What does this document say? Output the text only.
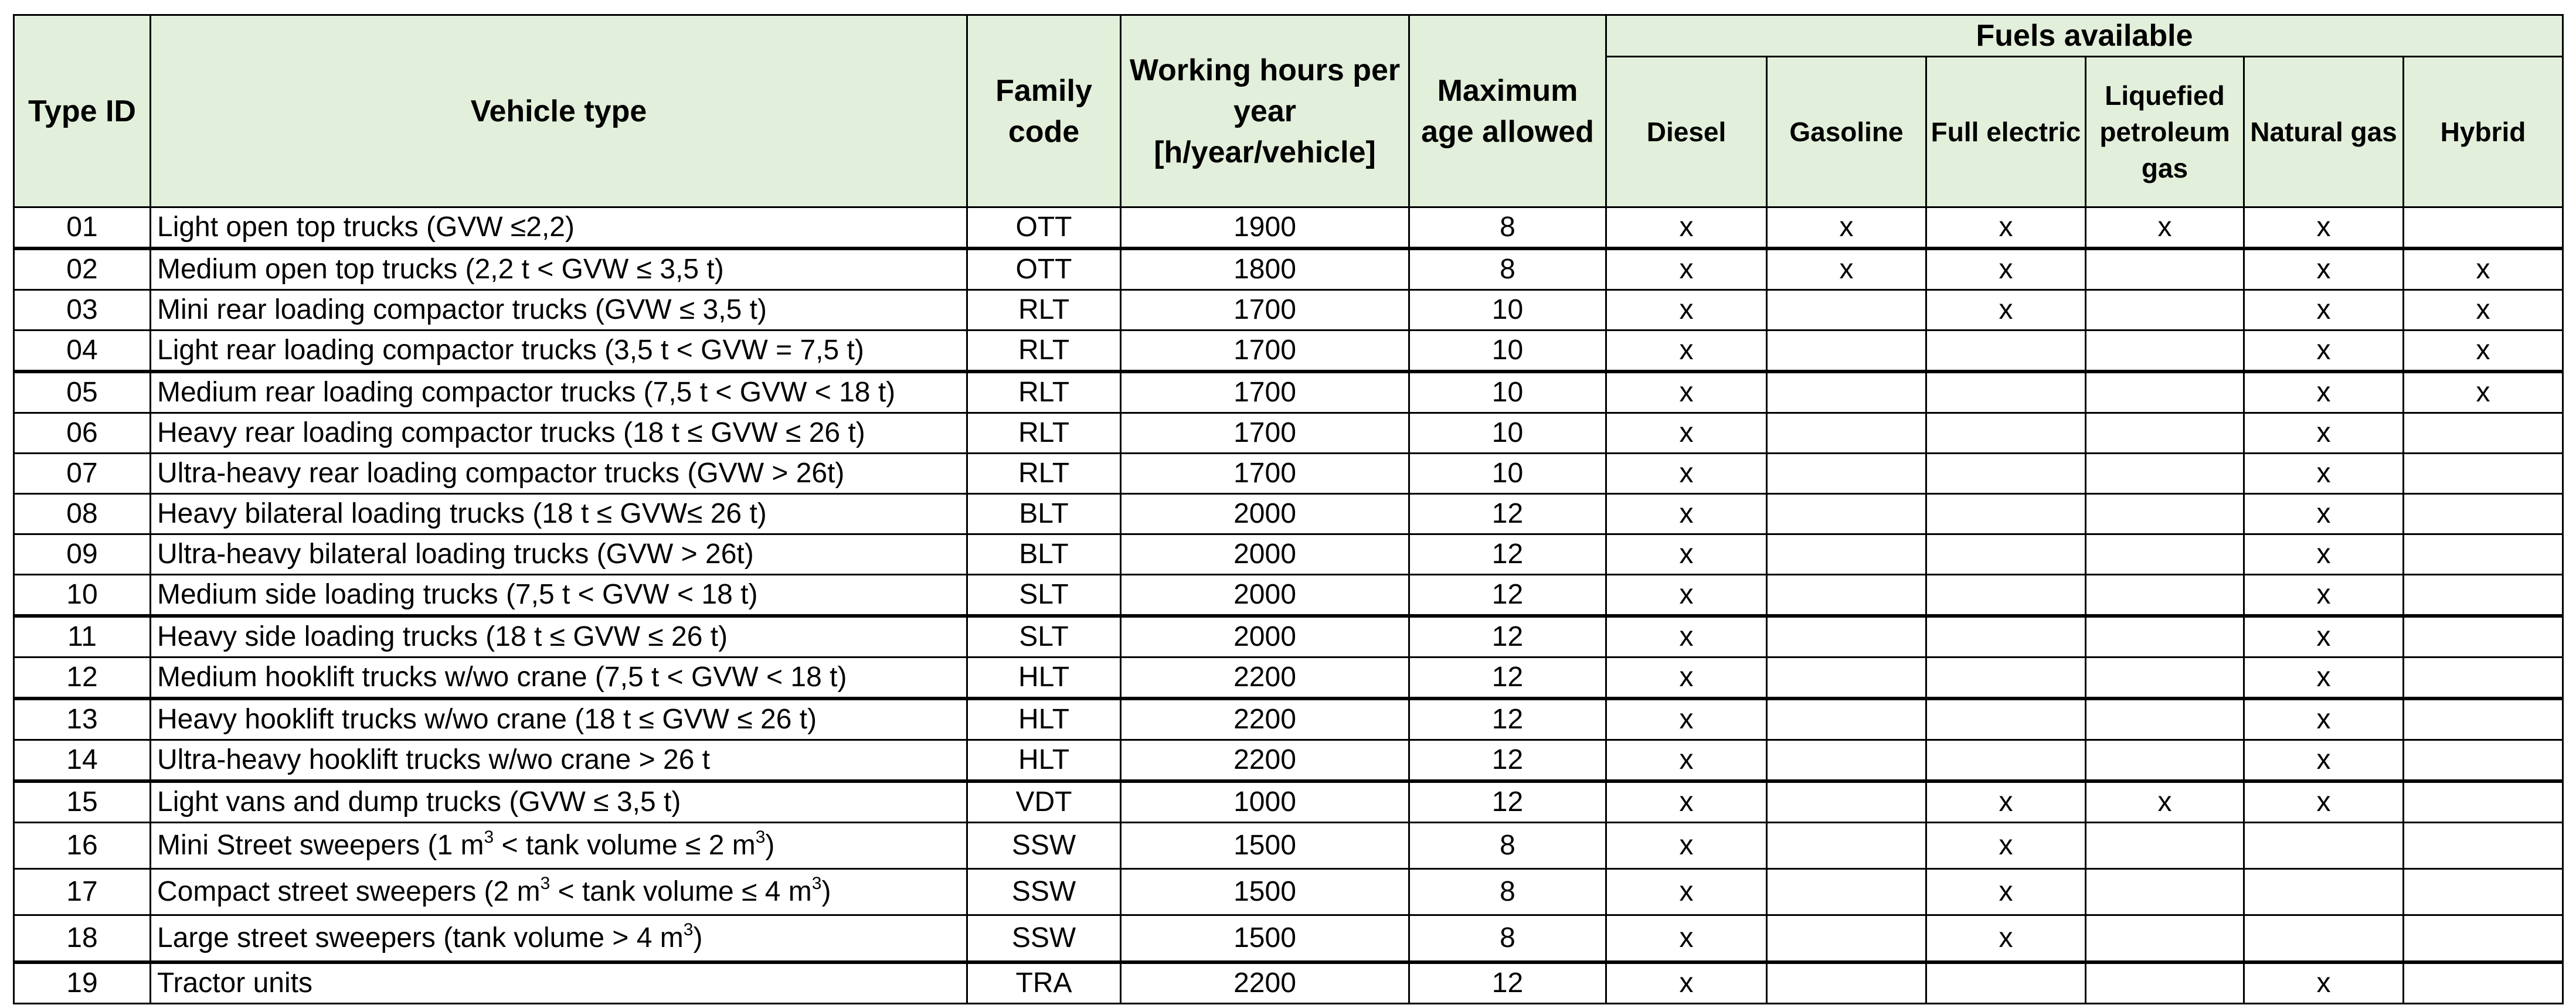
Type ID	Vehicle type	Family code	Working hours per year [h/year/vehicle]	Maximum age allowed	Fuels available					
					Diesel	Gasoline	Full electric	Liquefied petroleum gas	Natural gas	Hybrid
01	Light open top trucks (GVW ≤2,2)	OTT	1900	8	x	x	x	x	x	
02	Medium open top trucks (2,2 t < GVW ≤ 3,5 t)	OTT	1800	8	x	x	x		x	x
03	Mini rear loading compactor trucks (GVW ≤ 3,5 t)	RLT	1700	10	x		x		x	x
04	Light rear loading compactor trucks (3,5 t < GVW = 7,5 t)	RLT	1700	10	x				x	x
05	Medium rear loading compactor trucks (7,5 t < GVW < 18 t)	RLT	1700	10	x				x	x
06	Heavy rear loading compactor trucks (18 t ≤ GVW ≤ 26 t)	RLT	1700	10	x				x	
07	Ultra-heavy rear loading compactor trucks (GVW > 26t)	RLT	1700	10	x				x	
08	Heavy bilateral loading trucks (18 t ≤ GVW≤ 26 t)	BLT	2000	12	x				x	
09	Ultra-heavy bilateral loading trucks (GVW > 26t)	BLT	2000	12	x				x	
10	Medium side loading trucks (7,5 t < GVW < 18 t)	SLT	2000	12	x				x	
11	Heavy side loading trucks (18 t ≤ GVW ≤ 26 t)	SLT	2000	12	x				x	
12	Medium hooklift trucks w/wo crane (7,5 t < GVW < 18 t)	HLT	2200	12	x				x	
13	Heavy hooklift trucks w/wo crane (18 t ≤ GVW ≤ 26 t)	HLT	2200	12	x				x	
14	Ultra-heavy hooklift trucks w/wo crane > 26 t	HLT	2200	12	x				x	
15	Light vans and dump trucks (GVW ≤ 3,5 t)	VDT	1000	12	x		x	x	x	
16	Mini Street sweepers (1 $m^3 < \tan k$ volume ≤ 2 $m^3$)	SSW	1500	8	x		x			
17	Compact street sweepers (2 $m^3 < \tan k$ volume ≤ 4 $m^3$)	SSW	1500	8	x		x			
18	Large street sweepers (tank volume > 4 $m^3$)	SSW	1500	8	x		x			
19	Tractor units	TRA	2200	12	x				x	
